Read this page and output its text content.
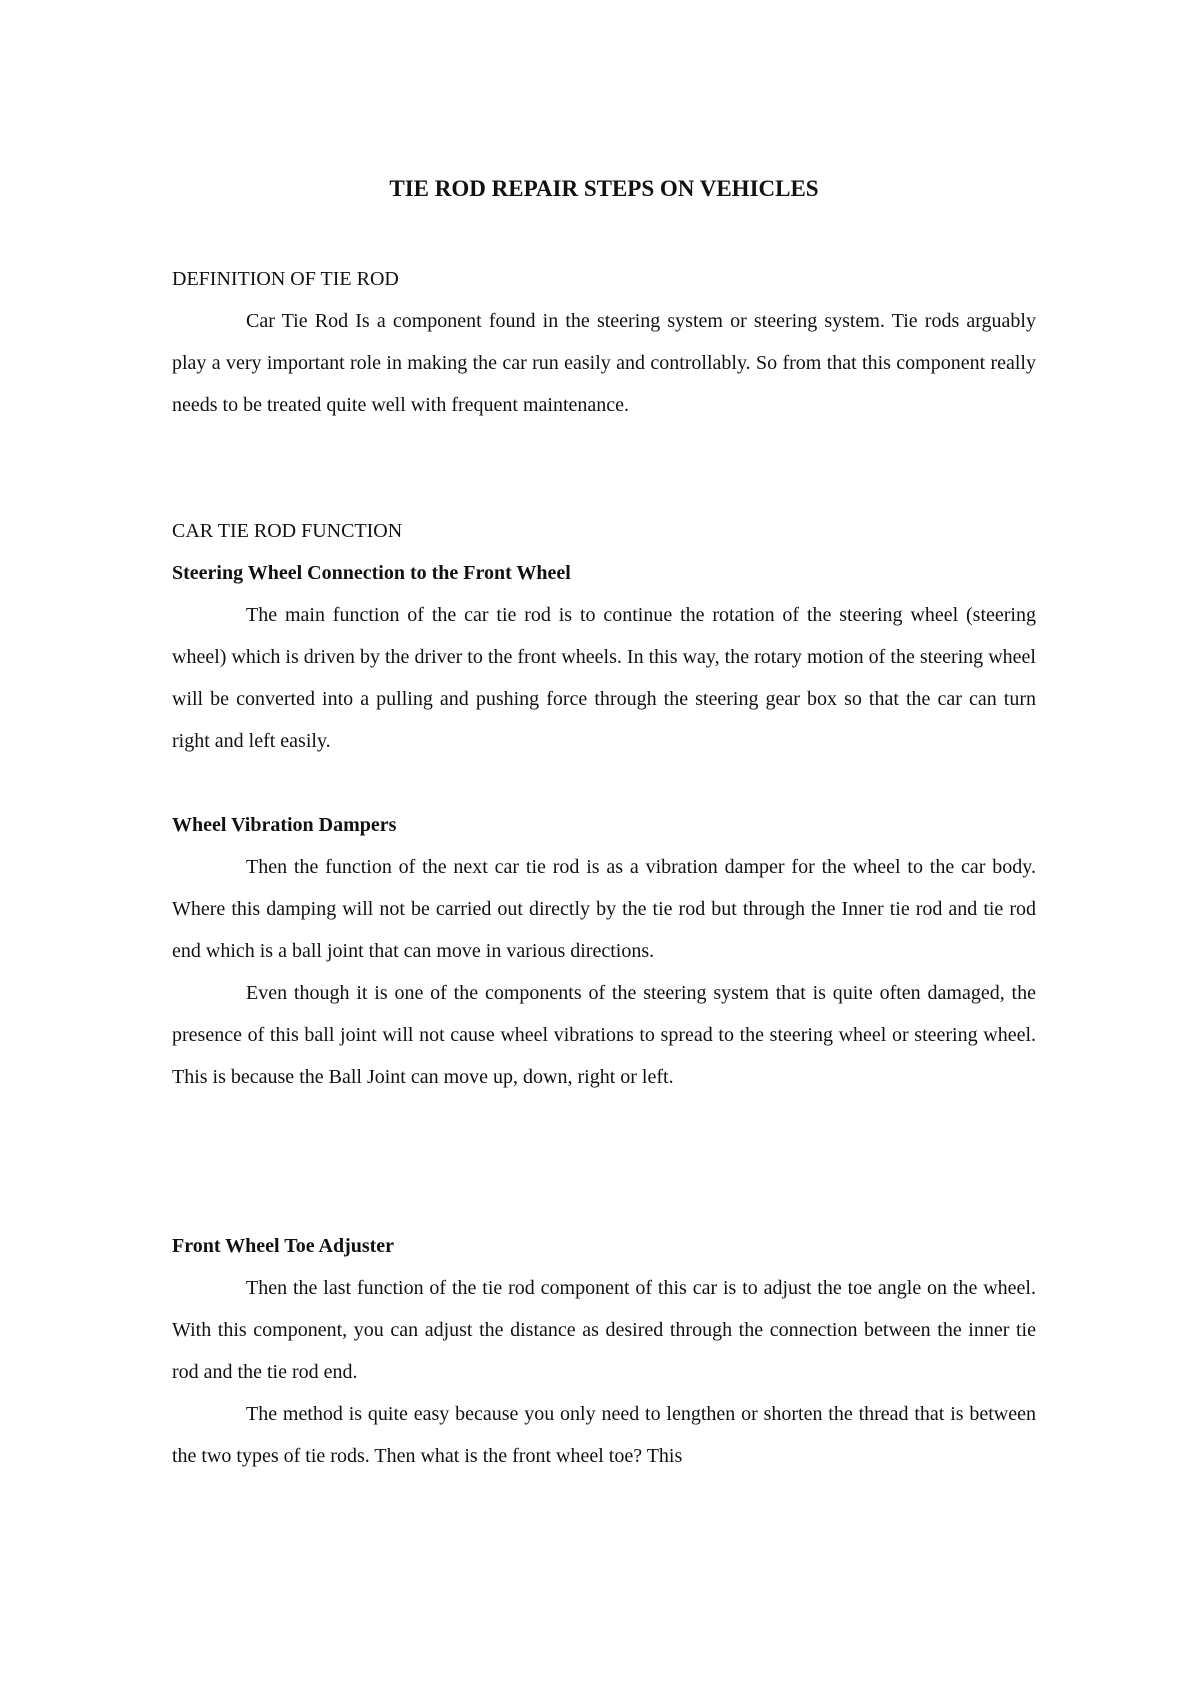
TIE ROD REPAIR STEPS ON VEHICLES

DEFINITION OF TIE ROD

Car Tie Rod Is a component found in the steering system or steering system. Tie rods arguably play a very important role in making the car run easily and controllably. So from that this component really needs to be treated quite well with frequent maintenance.

CAR TIE ROD FUNCTION

Steering Wheel Connection to the Front Wheel

The main function of the car tie rod is to continue the rotation of the steering wheel (steering wheel) which is driven by the driver to the front wheels. In this way, the rotary motion of the steering wheel will be converted into a pulling and pushing force through the steering gear box so that the car can turn right and left easily.

Wheel Vibration Dampers

Then the function of the next car tie rod is as a vibration damper for the wheel to the car body. Where this damping will not be carried out directly by the tie rod but through the Inner tie rod and tie rod end which is a ball joint that can move in various directions.

Even though it is one of the components of the steering system that is quite often damaged, the presence of this ball joint will not cause wheel vibrations to spread to the steering wheel or steering wheel. This is because the Ball Joint can move up, down, right or left.

Front Wheel Toe Adjuster

Then the last function of the tie rod component of this car is to adjust the toe angle on the wheel. With this component, you can adjust the distance as desired through the connection between the inner tie rod and the tie rod end.

The method is quite easy because you only need to lengthen or shorten the thread that is between the two types of tie rods. Then what is the front wheel toe? This
